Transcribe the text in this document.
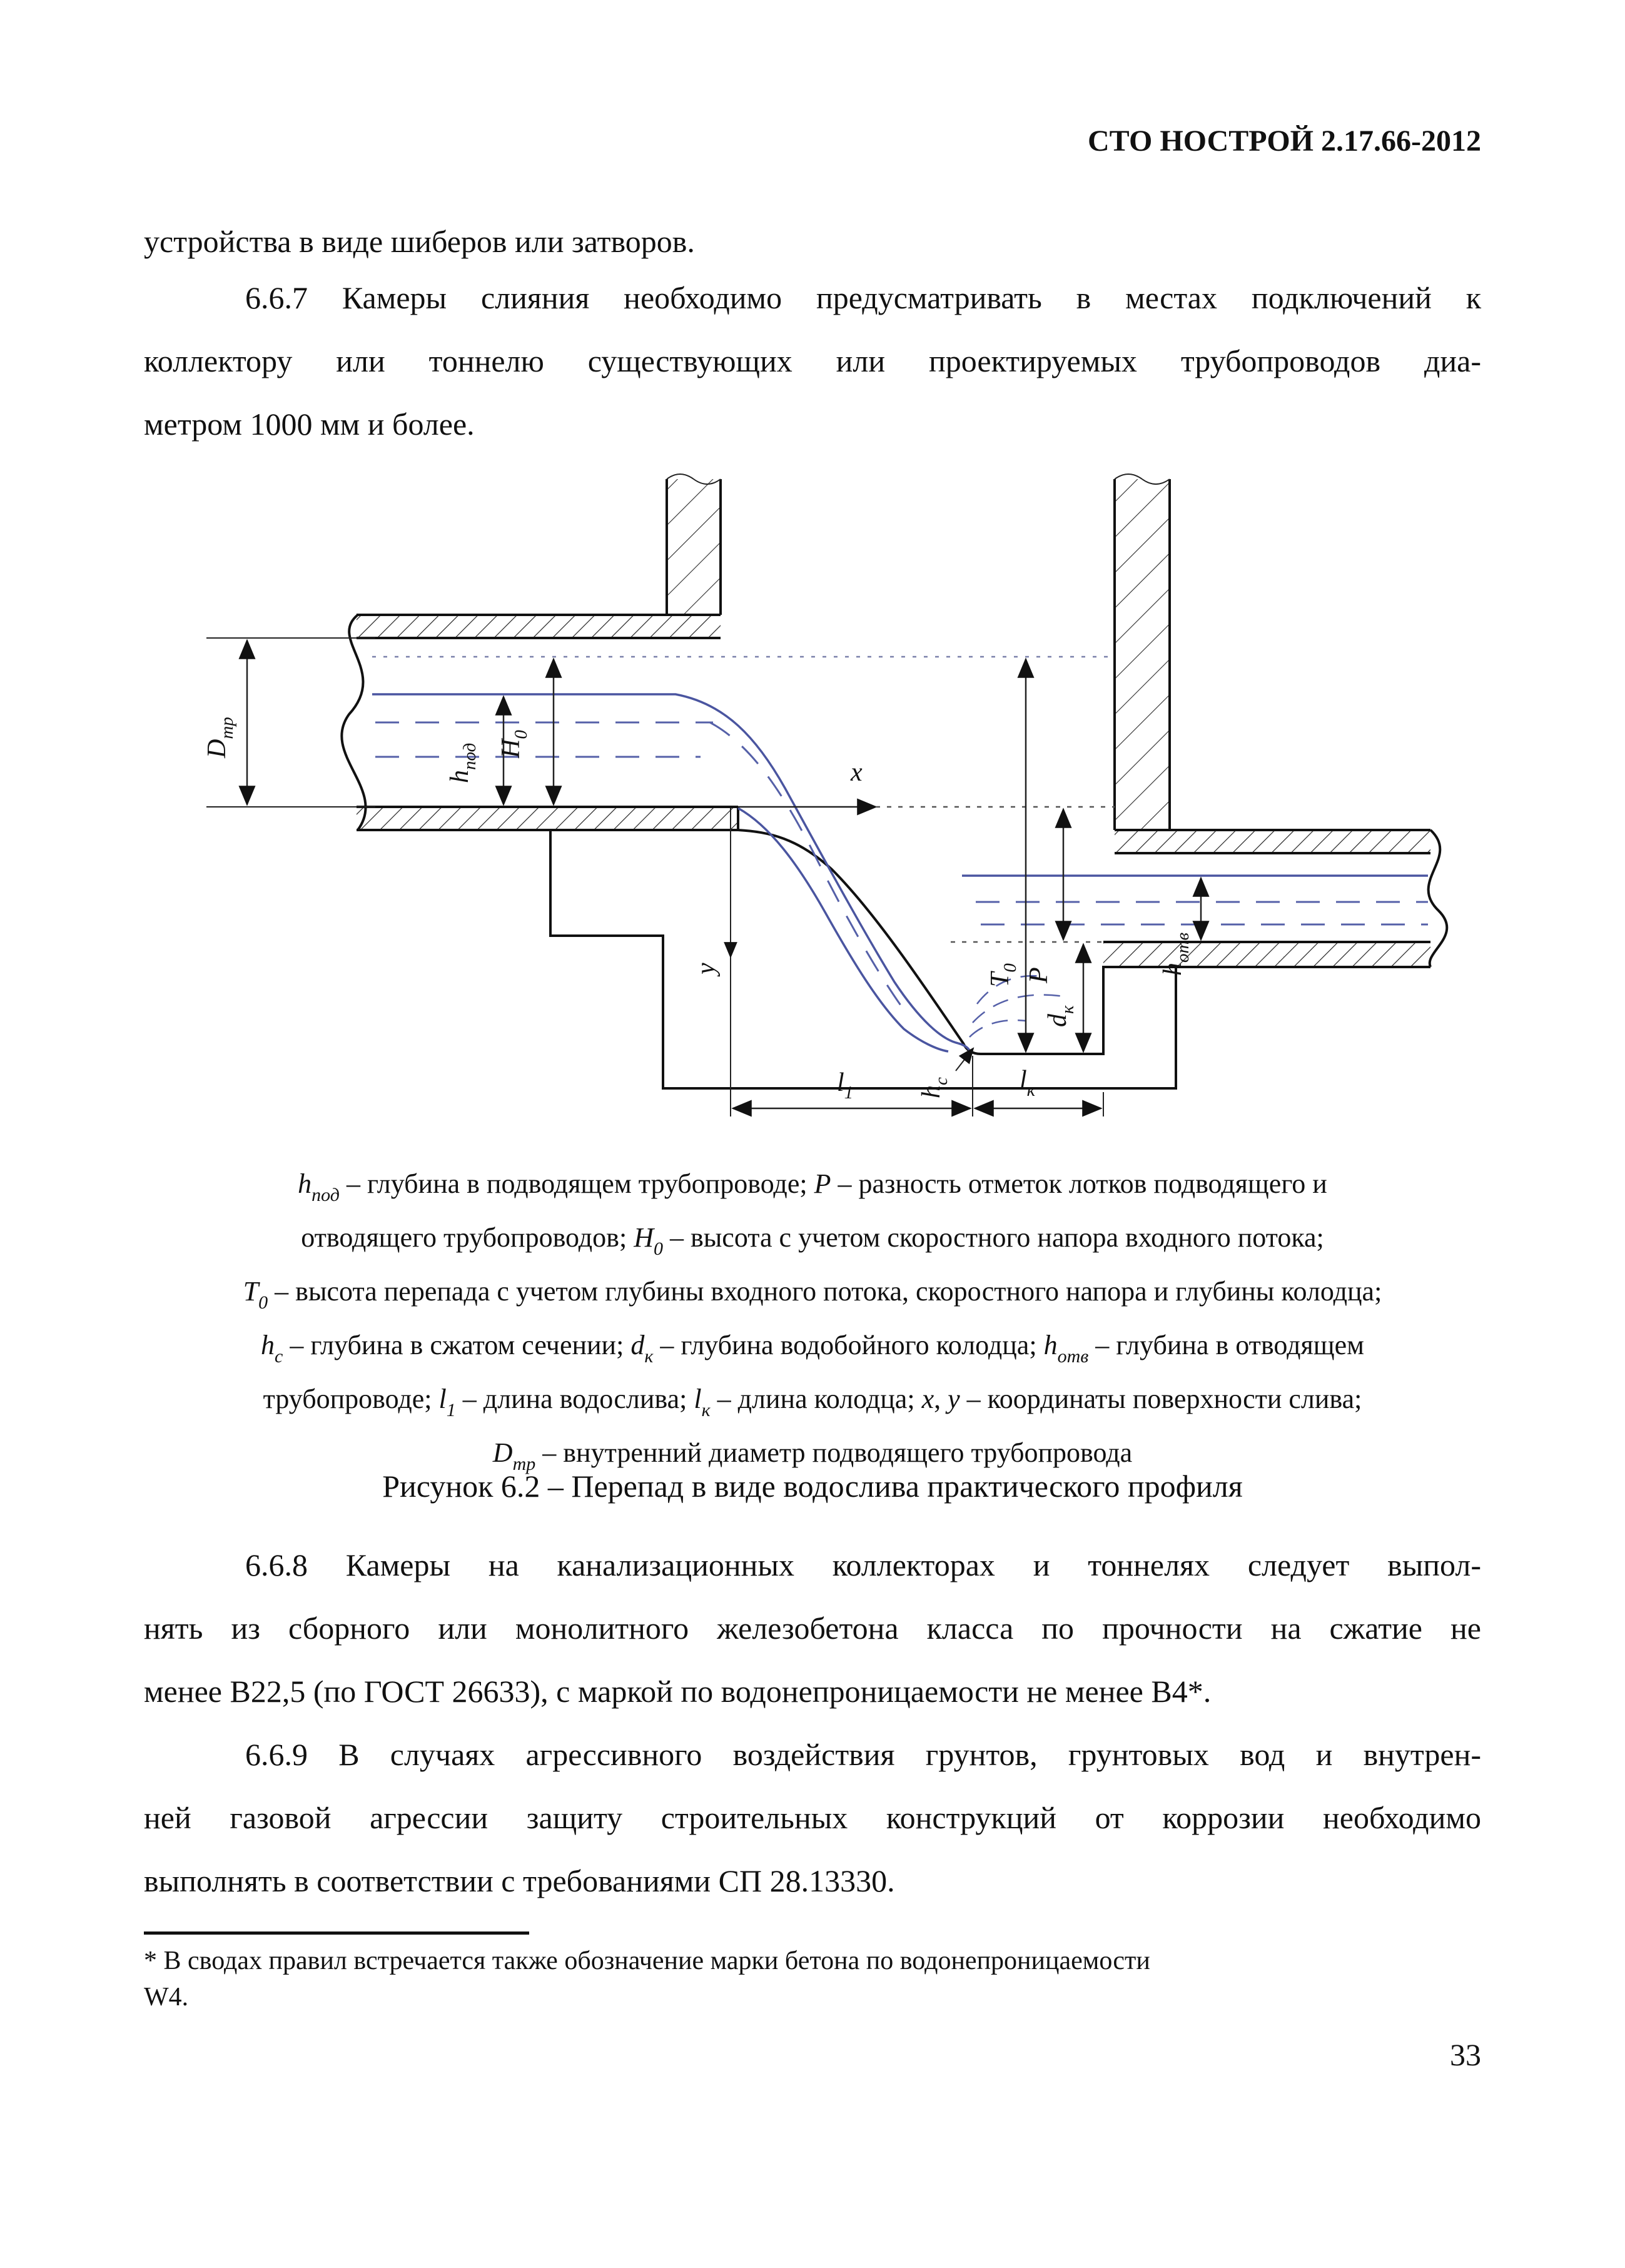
СТО НОСТРОЙ 2.17.66-2012
устройства в виде шиберов или затворов.
6.6.7 Камеры слияния необходимо предусматривать в местах подключений к
коллектору или тоннелю существующих или проектируемых трубопроводов диа-
метром 1000 мм и более.
$D_{тр}$
$h_{под}$ $H_0$
x
y
$T_0$ P	$h_{отв}$
$d_к$
$h_с$
$l_1$	$l_к$
$h_{под}$ – глубина в подводящем трубопроводе; P – разность отметок лотков подводящего и
отводящего трубопроводов; $H_0$ – высота с учетом скоростного напора входного потока;
$T_0$ – высота перепада с учетом глубины входного потока, скоростного напора и глубины колодца;
$h_с$ – глубина в сжатом сечении; $d_к$ – глубина водобойного колодца; $h_{отв}$ – глубина в отводящем
трубопроводе; $l_1$ – длина водослива; $l_к$ – длина колодца; x, y – координаты поверхности слива;
$D_{тр}$ – внутренний диаметр подводящего трубопровода
Рисунок 6.2 – Перепад в виде водослива практического профиля
6.6.8 Камеры на канализационных коллекторах и тоннелях следует выпол-
нять из сборного или монолитного железобетона класса по прочности на сжатие не
менее В22,5 (по ГОСТ 26633), с маркой по водонепроницаемости не менее В4*.
6.6.9 В случаях агрессивного воздействия грунтов, грунтовых вод и внутрен-
ней газовой агрессии защиту строительных конструкций от коррозии необходимо
выполнять в соответствии с требованиями СП 28.13330.
* В сводах правил встречается также обозначение марки бетона по водонепроницаемости
W4.
33
